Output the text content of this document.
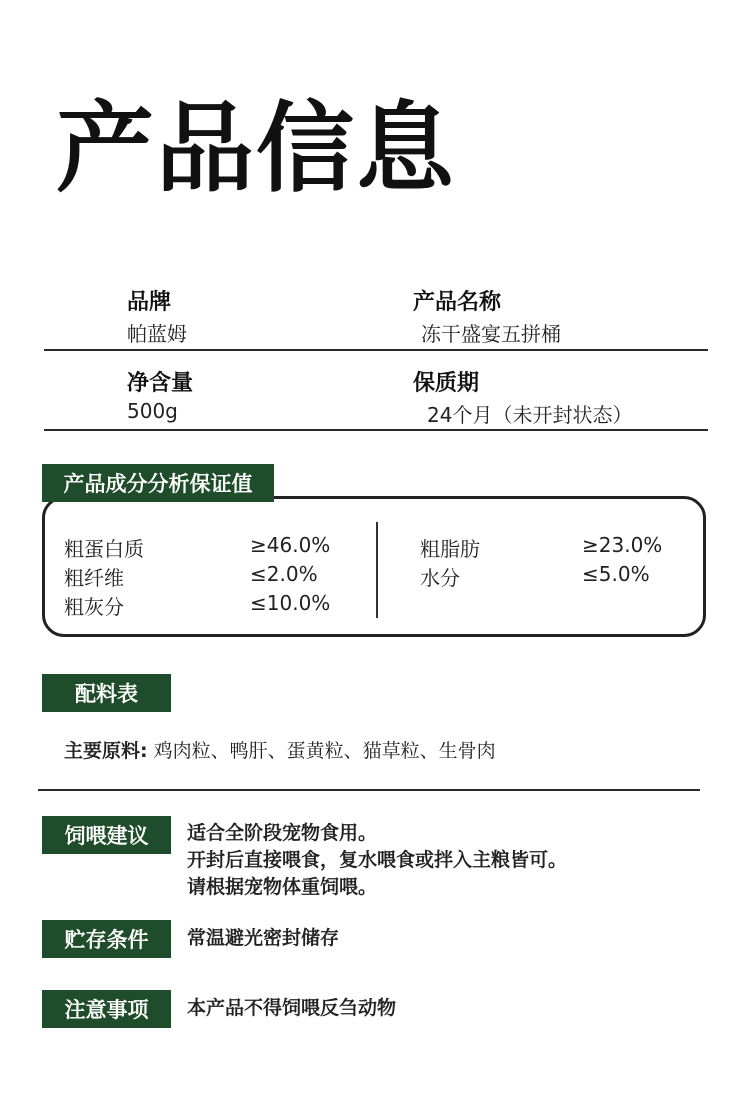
产品信息
品牌
帕蓝姆
产品名称
冻干盛宴五拼桶
净含量
500g
保质期
24个月（未开封状态）
产品成分分析保证值
粗蛋白质	≥46.0%
粗纤维	≤2.0%
粗灰分	≤10.0%
粗脂肪	≥23.0%
水分	≤5.0%
配料表
主要原料: 鸡肉粒、鸭肝、蛋黄粒、猫草粒、生骨肉
饲喂建议	适合全阶段宠物食用。
开封后直接喂食，复水喂食或拌入主粮皆可。
请根据宠物体重饲喂。
贮存条件	常温避光密封储存
注意事项	本产品不得饲喂反刍动物
